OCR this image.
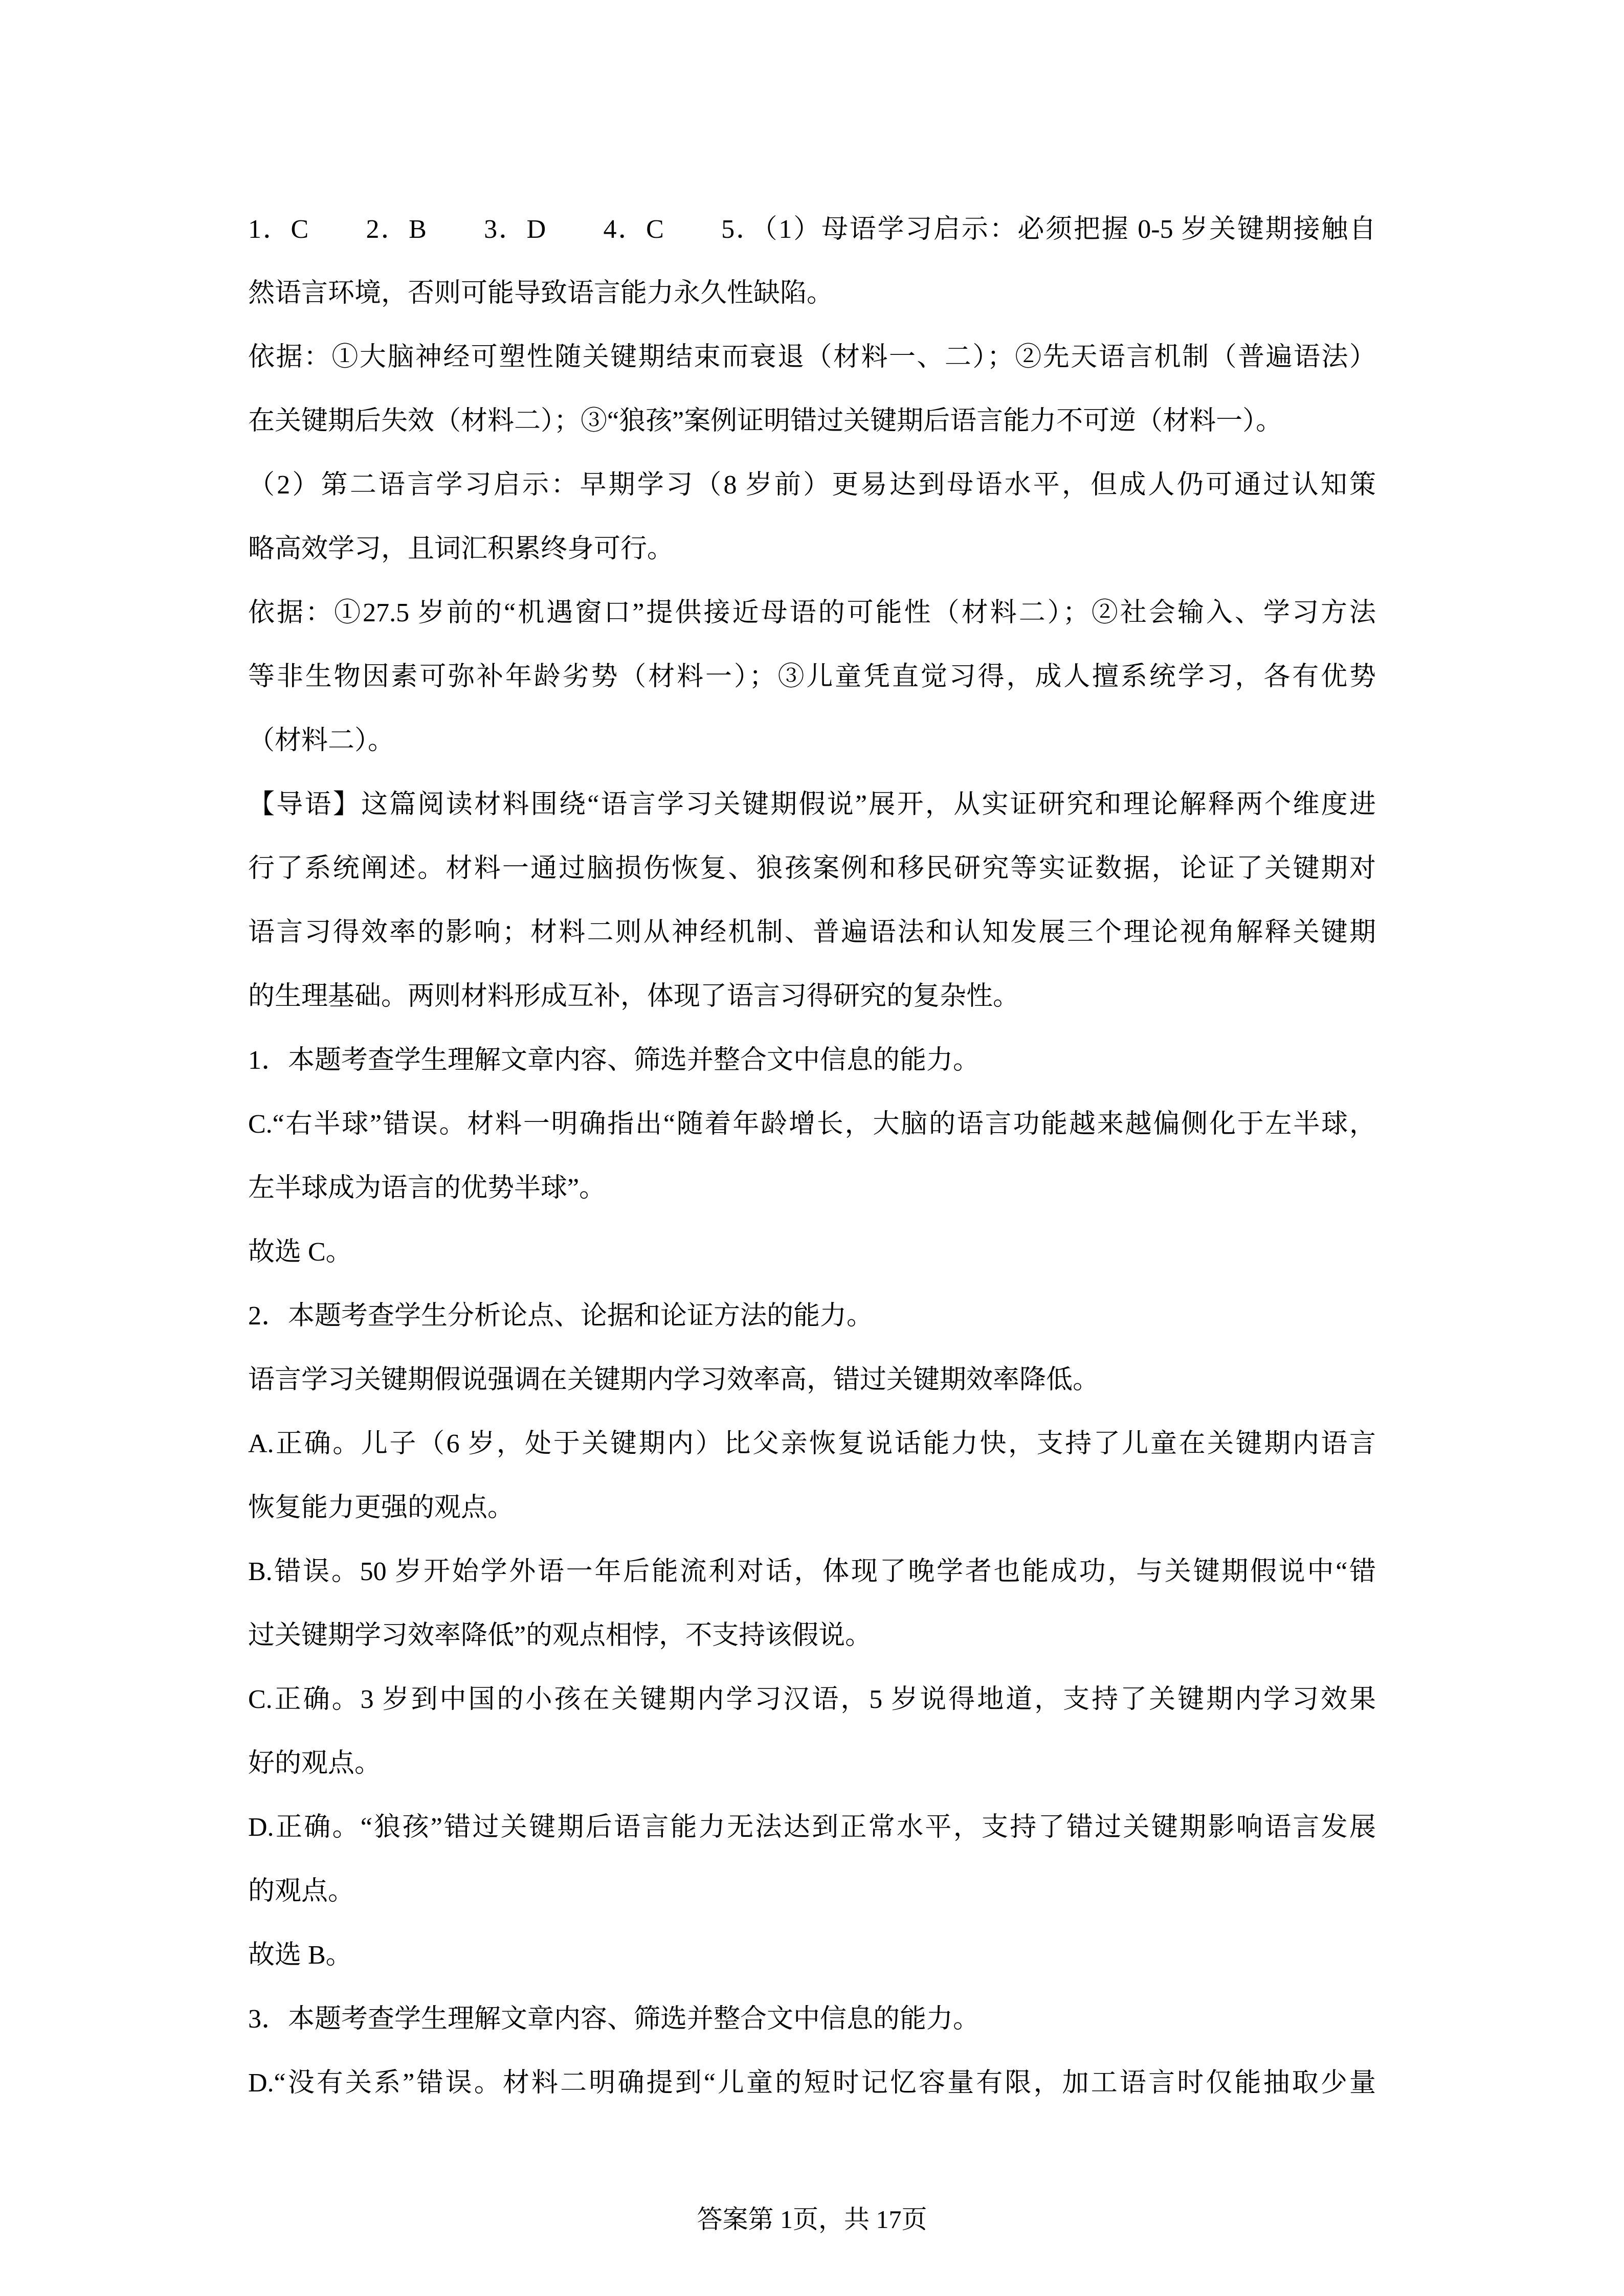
1．C　　2．B　　3．D　　4．C　　5．（1）母语学习启示：必须把握 0-5 岁关键期接触自
然语言环境，否则可能导致语言能力永久性缺陷。
依据：①大脑神经可塑性随关键期结束而衰退（材料一、二）；②先天语言机制（普遍语法）
在关键期后失效（材料二）；③“狼孩”案例证明错过关键期后语言能力不可逆（材料一）。
（2）第二语言学习启示：早期学习（8 岁前）更易达到母语水平，但成人仍可通过认知策
略高效学习，且词汇积累终身可行。
依据：①27.5 岁前的“机遇窗口”提供接近母语的可能性（材料二）；②社会输入、学习方法
等非生物因素可弥补年龄劣势（材料一）；③儿童凭直觉习得，成人擅系统学习，各有优势
（材料二）。
【导语】这篇阅读材料围绕“语言学习关键期假说”展开，从实证研究和理论解释两个维度进
行了系统阐述。材料一通过脑损伤恢复、狼孩案例和移民研究等实证数据，论证了关键期对
语言习得效率的影响；材料二则从神经机制、普遍语法和认知发展三个理论视角解释关键期
的生理基础。两则材料形成互补，体现了语言习得研究的复杂性。
1．本题考查学生理解文章内容、筛选并整合文中信息的能力。
C.“右半球”错误。材料一明确指出“随着年龄增长，大脑的语言功能越来越偏侧化于左半球，
左半球成为语言的优势半球”。
故选 C。
2．本题考查学生分析论点、论据和论证方法的能力。
语言学习关键期假说强调在关键期内学习效率高，错过关键期效率降低。
A.正确。儿子（6 岁，处于关键期内）比父亲恢复说话能力快，支持了儿童在关键期内语言
恢复能力更强的观点。
B.错误。50 岁开始学外语一年后能流利对话，体现了晚学者也能成功，与关键期假说中“错
过关键期学习效率降低”的观点相悖，不支持该假说。
C.正确。3 岁到中国的小孩在关键期内学习汉语，5 岁说得地道，支持了关键期内学习效果
好的观点。
D.正确。“狼孩”错过关键期后语言能力无法达到正常水平，支持了错过关键期影响语言发展
的观点。
故选 B。
3．本题考查学生理解文章内容、筛选并整合文中信息的能力。
D.“没有关系”错误。材料二明确提到“儿童的短时记忆容量有限，加工语言时仅能抽取少量
答案第 1页，共 17页
